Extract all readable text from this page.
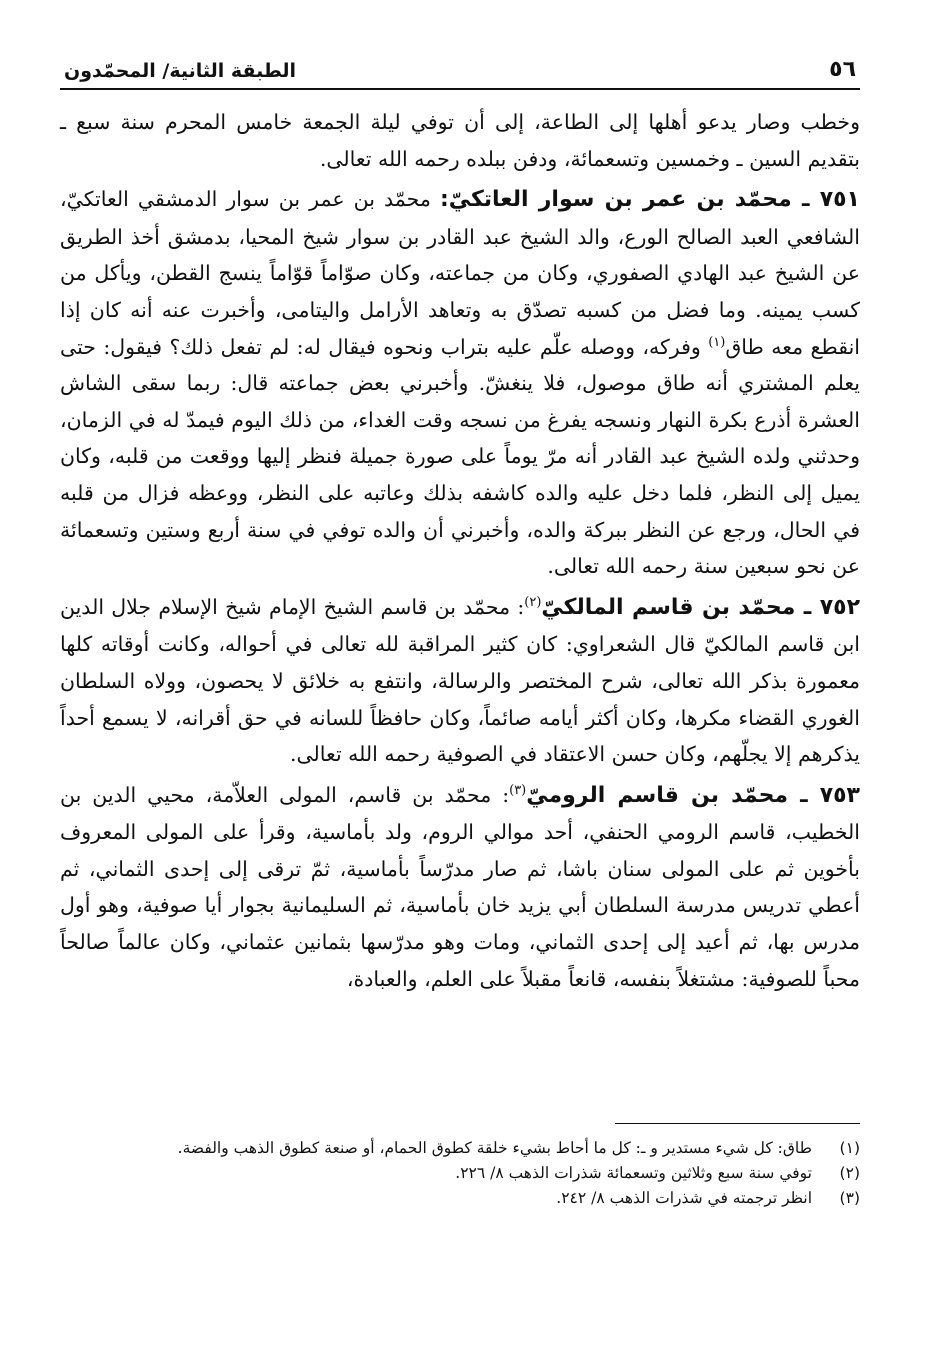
٥٦
الطبقة الثانية/ المحمّدون

وخطب وصار يدعو أهلها إلى الطاعة، إلى أن توفي ليلة الجمعة خامس المحرم سنة سبع ـ بتقديم السين ـ وخمسين وتسعمائة، ودفن ببلده رحمه الله تعالى.

٧٥١ ـ محمّد بن عمر بن سوار العاتكيّ: محمّد بن عمر بن سوار الدمشقي العاتكيّ، الشافعي العبد الصالح الورع، والد الشيخ عبد القادر بن سوار شيخ المحيا، بدمشق أخذ الطريق عن الشيخ عبد الهادي الصفوري، وكان من جماعته، وكان صوّاماً قوّاماً ينسج القطن، ويأكل من كسب يمينه. وما فضل من كسبه تصدّق به وتعاهد الأرامل واليتامى، وأخبرت عنه أنه كان إذا انقطع معه طاق$^{(١)}$ وفركه، ووصله علّم عليه بتراب ونحوه فيقال له: لم تفعل ذلك؟ فيقول: حتى يعلم المشتري أنه طاق موصول، فلا ينغشّ. وأخبرني بعض جماعته قال: ربما سقى الشاش العشرة أذرع بكرة النهار ونسجه يفرغ من نسجه وقت الغداء، من ذلك اليوم فيمدّ له في الزمان، وحدثني ولده الشيخ عبد القادر أنه مرّ يوماً على صورة جميلة فنظر إليها ووقعت من قلبه، وكان يميل إلى النظر، فلما دخل عليه والده كاشفه بذلك وعاتبه على النظر، ووعظه فزال من قلبه في الحال، ورجع عن النظر ببركة والده، وأخبرني أن والده توفي في سنة أربع وستين وتسعمائة عن نحو سبعين سنة رحمه الله تعالى.

٧٥٢ ـ محمّد بن قاسم المالكيّ$^{(٢)}$: محمّد بن قاسم الشيخ الإمام شيخ الإسلام جلال الدين ابن قاسم المالكيّ قال الشعراوي: كان كثير المراقبة لله تعالى في أحواله، وكانت أوقاته كلها معمورة بذكر الله تعالى، شرح المختصر والرسالة، وانتفع به خلائق لا يحصون، وولاه السلطان الغوري القضاء مكرها، وكان أكثر أيامه صائماً، وكان حافظاً للسانه في حق أقرانه، لا يسمع أحداً يذكرهم إلا يجلّهم، وكان حسن الاعتقاد في الصوفية رحمه الله تعالى.

٧٥٣ ـ محمّد بن قاسم الروميّ$^{(٣)}$: محمّد بن قاسم، المولى العلاّمة، محيي الدين بن الخطيب، قاسم الرومي الحنفي، أحد موالي الروم، ولد بأماسية، وقرأ على المولى المعروف بأخوين ثم على المولى سنان باشا، ثم صار مدرّساً بأماسية، ثمّ ترقى إلى إحدى الثماني، ثم أعطي تدريس مدرسة السلطان أبي يزيد خان بأماسية، ثم السليمانية بجوار أيا صوفية، وهو أول مدرس بها، ثم أعيد إلى إحدى الثماني، ومات وهو مدرّسها بثمانين عثماني، وكان عالماً صالحاً محباً للصوفية: مشتغلاً بنفسه، قانعاً مقبلاً على العلم، والعبادة،

(١)
طاق: كل شيء مستدير و ـ: كل ما أحاط بشيء خلقة كطوق الحمام، أو صنعة كطوق الذهب والفضة.
(٢)
توفي سنة سبع وثلاثين وتسعمائة شذرات الذهب ٨/ ٢٢٦.
(٣)
انظر ترجمته في شذرات الذهب ٨/ ٢٤٢.
